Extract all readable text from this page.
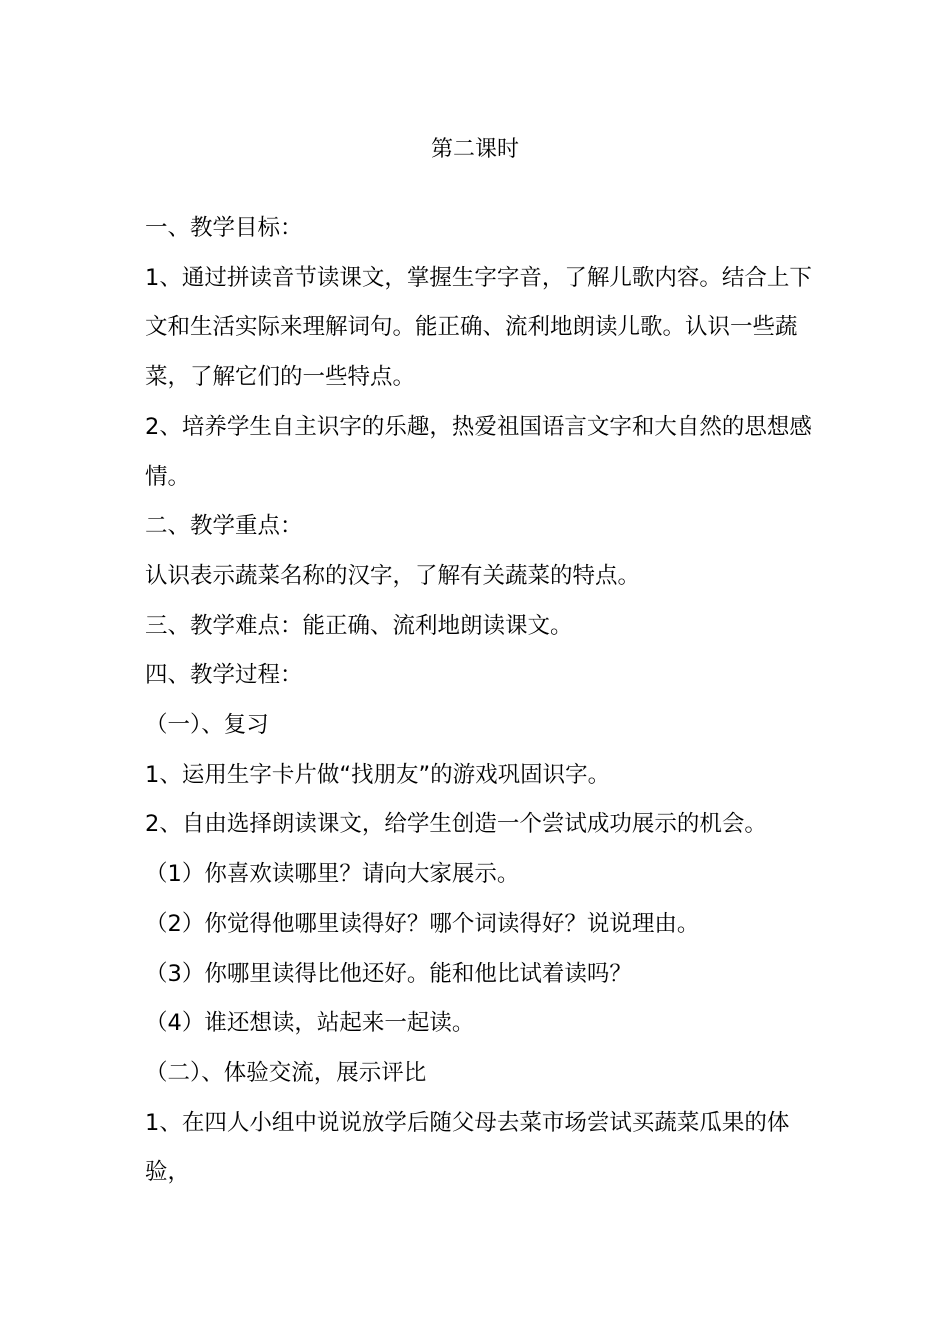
第二课时

一、教学目标：

1、通过拼读音节读课文，掌握生字字音，了解儿歌内容。结合上下文和生活实际来理解词句。能正确、流利地朗读儿歌。认识一些蔬菜，了解它们的一些特点。

2、培养学生自主识字的乐趣，热爱祖国语言文字和大自然的思想感情。

二、教学重点：

认识表示蔬菜名称的汉字，了解有关蔬菜的特点。

三、教学难点：能正确、流利地朗读课文。

四、教学过程：

（一）、复习

1、运用生字卡片做“找朋友”的游戏巩固识字。

2、自由选择朗读课文，给学生创造一个尝试成功展示的机会。

（1）你喜欢读哪里？请向大家展示。

（2）你觉得他哪里读得好？哪个词读得好？说说理由。

（3）你哪里读得比他还好。能和他比试着读吗？

（4）谁还想读，站起来一起读。

（二）、体验交流，展示评比

1、在四人小组中说说放学后随父母去菜市场尝试买蔬菜瓜果的体验，
